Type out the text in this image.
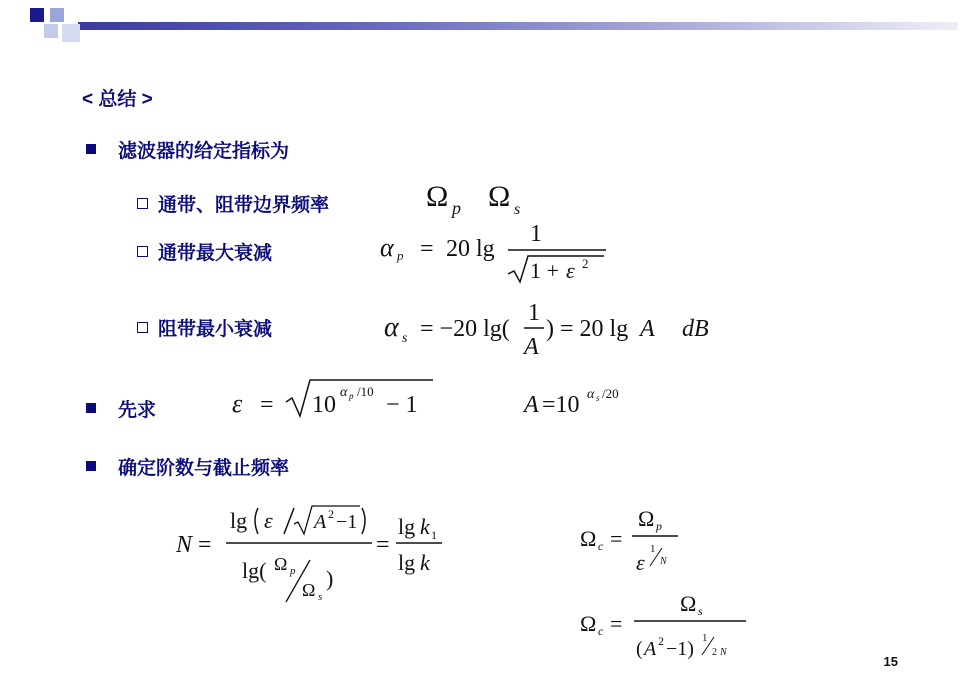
< 总结 >
滤波器的给定指标为
通带、阻带边界频率	Ω p Ω s
通带最大衰减	α p = 20 lg
1
1 + ε 2
阻带最小衰减	α s = −20 lg(
1
A
) = 20 lg A dB
先求	ε = 10 α p /10
− 1	A =10 α s /20
确定阶数与截止频率
N =
lg ε A 2 −1
lg( Ω p
Ω s
)
=
lg k 1
lg k
Ω c =
Ω p
ε
1
N
Ω c =
Ω s
( A 2 −1) 1
2 N
15
